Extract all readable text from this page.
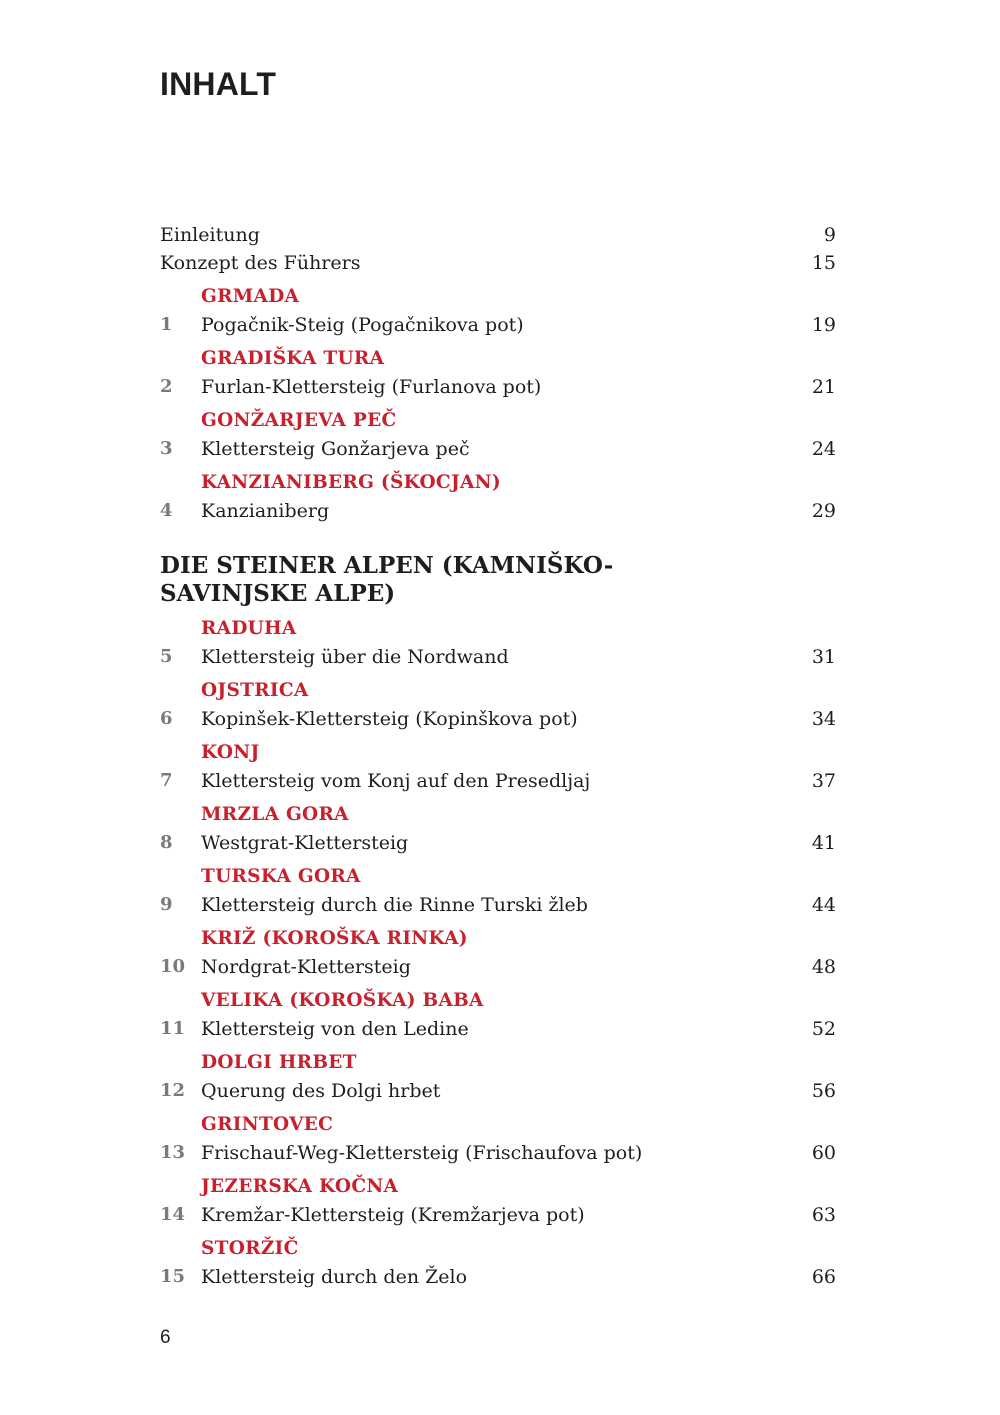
INHALT
Einleitung	9
Konzept des Führers	15
GRMADA
1	Pogačnik-Steig (Pogačnikova pot)	19
GRADIŠKA TURA
2	Furlan-Klettersteig (Furlanova pot)	21
GONŽARJEVA PEČ
3	Klettersteig Gonžarjeva peč	24
KANZIANIBERG (ŠKOCJAN)
4	Kanzianiberg	29
DIE STEINER ALPEN (KAMNIŠKO-
SAVINJSKE ALPE)
RADUHA
5	Klettersteig über die Nordwand	31
OJSTRICA
6	Kopinšek-Klettersteig (Kopinškova pot)	34
KONJ
7	Klettersteig vom Konj auf den Presedljaj	37
MRZLA GORA
8	Westgrat-Klettersteig	41
TURSKA GORA
9	Klettersteig durch die Rinne Turski žleb	44
KRIŽ (KOROŠKA RINKA)
10 Nordgrat-Klettersteig	48
VELIKA (KOROŠKA) BABA
11 Klettersteig von den Ledine	52
DOLGI HRBET
12 Querung des Dolgi hrbet	56
GRINTOVEC
13 Frischauf-Weg-Klettersteig (Frischaufova pot)	60
JEZERSKA KOČNA
14 Kremžar-Klettersteig (Kremžarjeva pot)	63
STORŽIČ
15 Klettersteig durch den Želo	66
6
